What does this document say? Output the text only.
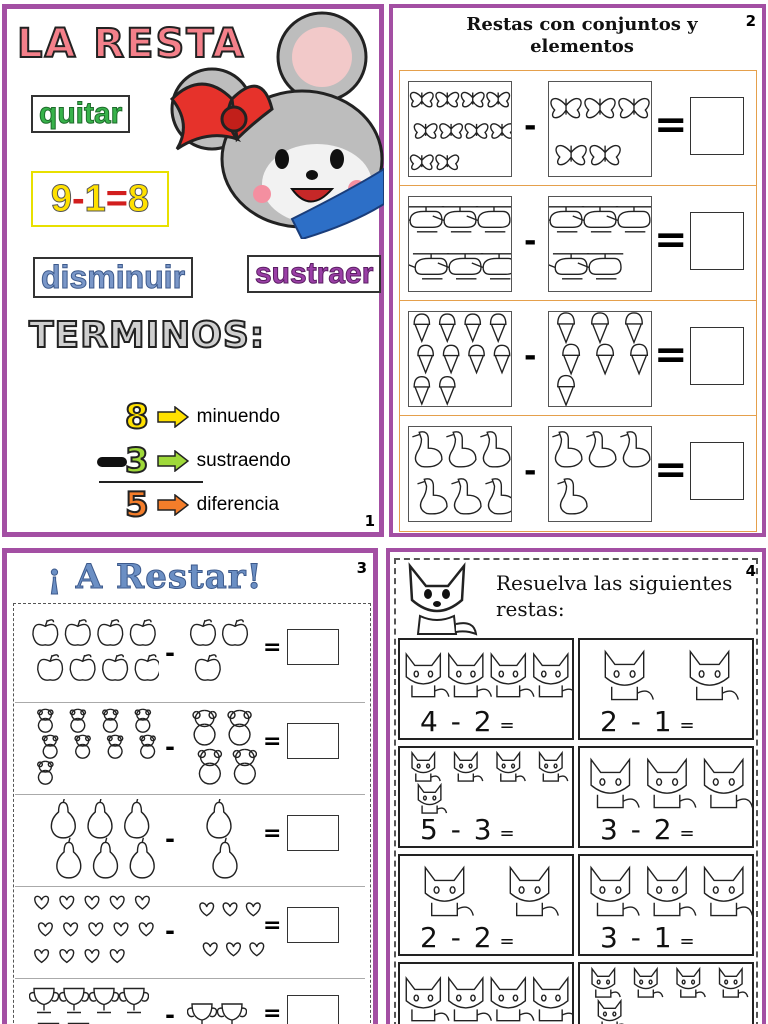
LA RESTA
quitar
9 - 1 = 8
disminuir sustraer
TERMINOS:
8	minuendo
3	sustraendo
5	diferencia
1
Restas con conjuntos y elementos
2
-	=
-	=
-	=
-	=
¡ A Restar!	3
-	=
-	=
-	=
-	=
-	=
Resuelva las siguientes
restas:
4
4 - 2 =	2 - 1 =
5 - 3 =	3 - 2 =
2 - 2 =	3 - 1 =
